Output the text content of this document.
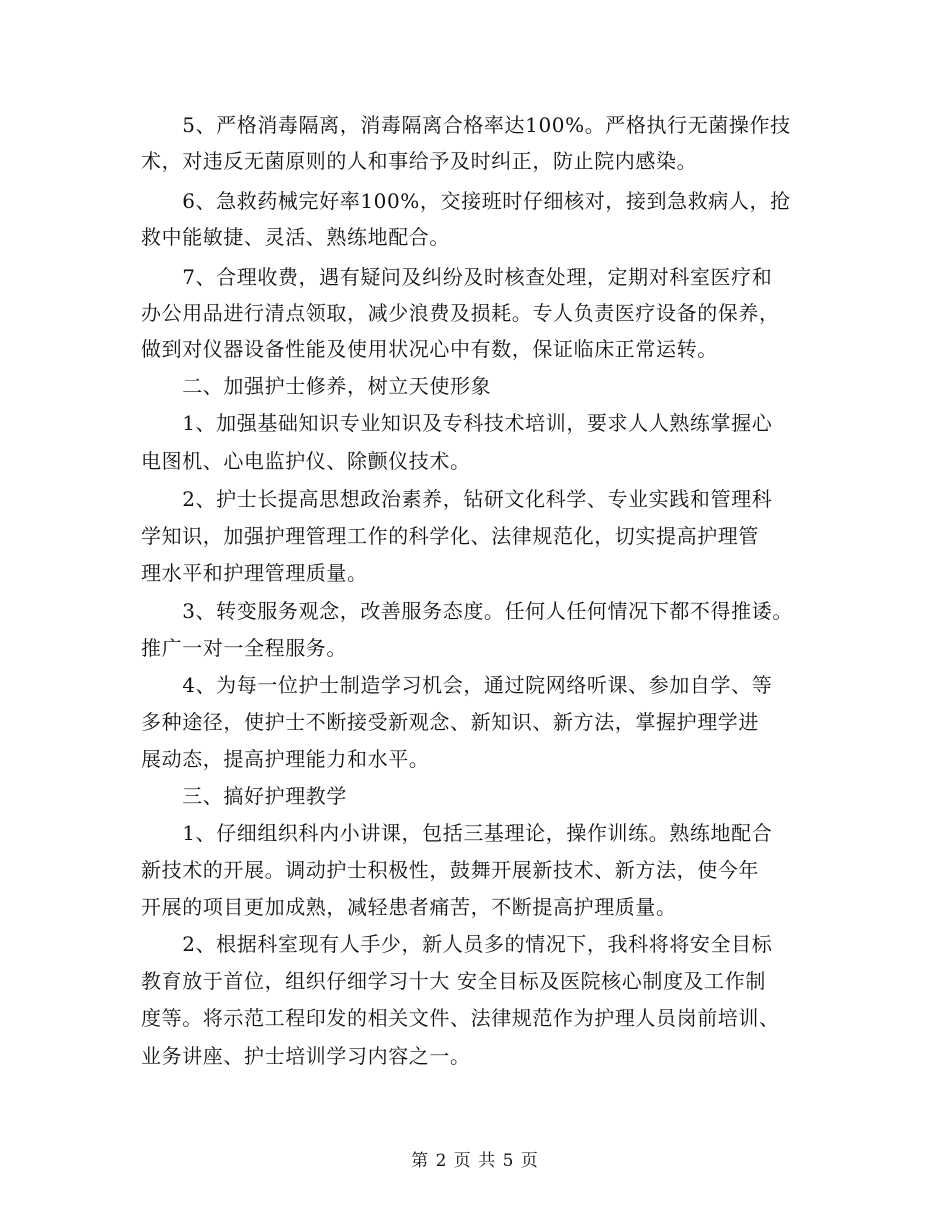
　　5、严格消毒隔离，消毒隔离合格率达100%。严格执行无菌操作技
术，对违反无菌原则的人和事给予及时纠正，防止院内感染。
　　6、急救药械完好率100%，交接班时仔细核对，接到急救病人，抢
救中能敏捷、灵活、熟练地配合。
　　7、合理收费，遇有疑问及纠纷及时核查处理，定期对科室医疗和
办公用品进行清点领取，减少浪费及损耗。专人负责医疗设备的保养，
做到对仪器设备性能及使用状况心中有数，保证临床正常运转。
　　二、加强护士修养，树立天使形象
　　1、加强基础知识专业知识及专科技术培训，要求人人熟练掌握心
电图机、心电监护仪、除颤仪技术。
　　2、护士长提高思想政治素养，钻研文化科学、专业实践和管理科
学知识，加强护理管理工作的科学化、法律规范化，切实提高护理管
理水平和护理管理质量。
　　3、转变服务观念，改善服务态度。任何人任何情况下都不得推诿。
推广一对一全程服务。
　　4、为每一位护士制造学习机会，通过院网络听课、参加自学、等
多种途径，使护士不断接受新观念、新知识、新方法，掌握护理学进
展动态，提高护理能力和水平。
　　三、搞好护理教学
　　1、仔细组织科内小讲课，包括三基理论，操作训练。熟练地配合
新技术的开展。调动护士积极性，鼓舞开展新技术、新方法，使今年
开展的项目更加成熟，减轻患者痛苦，不断提高护理质量。
　　2、根据科室现有人手少，新人员多的情况下，我科将将安全目标
教育放于首位，组织仔细学习十大 安全目标及医院核心制度及工作制
度等。将示范工程印发的相关文件、法律规范作为护理人员岗前培训、
业务讲座、护士培训学习内容之一。
第 2 页 共 5 页
